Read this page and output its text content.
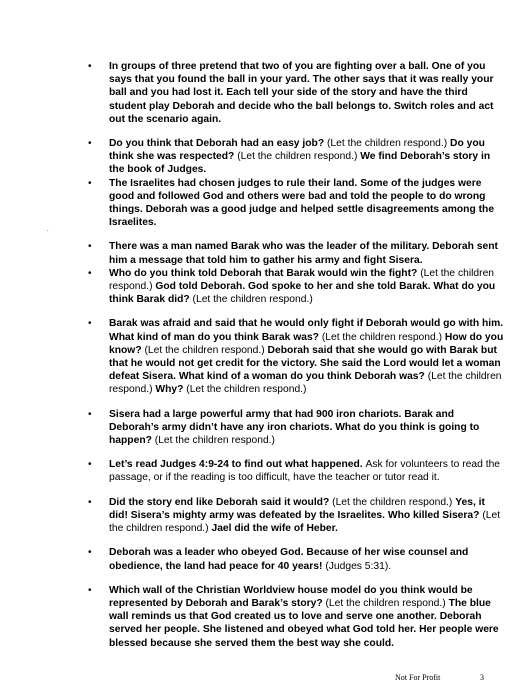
• In groups of three pretend that two of you are fighting over a ball. One of you says that you found the ball in your yard. The other says that it was really your ball and you had lost it. Each tell your side of the story and have the third student play Deborah and decide who the ball belongs to. Switch roles and act out the scenario again.
• Do you think that Deborah had an easy job? (Let the children respond.) Do you think she was respected? (Let the children respond.) We find Deborah’s story in the book of Judges.
• The Israelites had chosen judges to rule their land. Some of the judges were good and followed God and others were bad and told the people to do wrong things. Deborah was a good judge and helped settle disagreements among the Israelites.
• There was a man named Barak who was the leader of the military. Deborah sent him a message that told him to gather his army and fight Sisera.
• Who do you think told Deborah that Barak would win the fight? (Let the children respond.) God told Deborah. God spoke to her and she told Barak. What do you think Barak did? (Let the children respond.)
• Barak was afraid and said that he would only fight if Deborah would go with him. What kind of man do you think Barak was? (Let the children respond.) How do you know? (Let the children respond.) Deborah said that she would go with Barak but that he would not get credit for the victory. She said the Lord would let a woman defeat Sisera. What kind of a woman do you think Deborah was? (Let the children respond.) Why? (Let the children respond.)
• Sisera had a large powerful army that had 900 iron chariots. Barak and Deborah’s army didn’t have any iron chariots. What do you think is going to happen? (Let the children respond.)
• Let’s read Judges 4:9-24 to find out what happened. Ask for volunteers to read the passage, or if the reading is too difficult, have the teacher or tutor read it.
• Did the story end like Deborah said it would? (Let the children respond.) Yes, it did! Sisera’s mighty army was defeated by the Israelites. Who killed Sisera? (Let the children respond.) Jael did the wife of Heber.
• Deborah was a leader who obeyed God. Because of her wise counsel and obedience, the land had peace for 40 years! (Judges 5:31).
• Which wall of the Christian Worldview house model do you think would be represented by Deborah and Barak’s story? (Let the children respond.) The blue wall reminds us that God created us to love and serve one another. Deborah served her people. She listened and obeyed what God told her. Her people were blessed because she served them the best way she could.
.
Not For Profit	3
